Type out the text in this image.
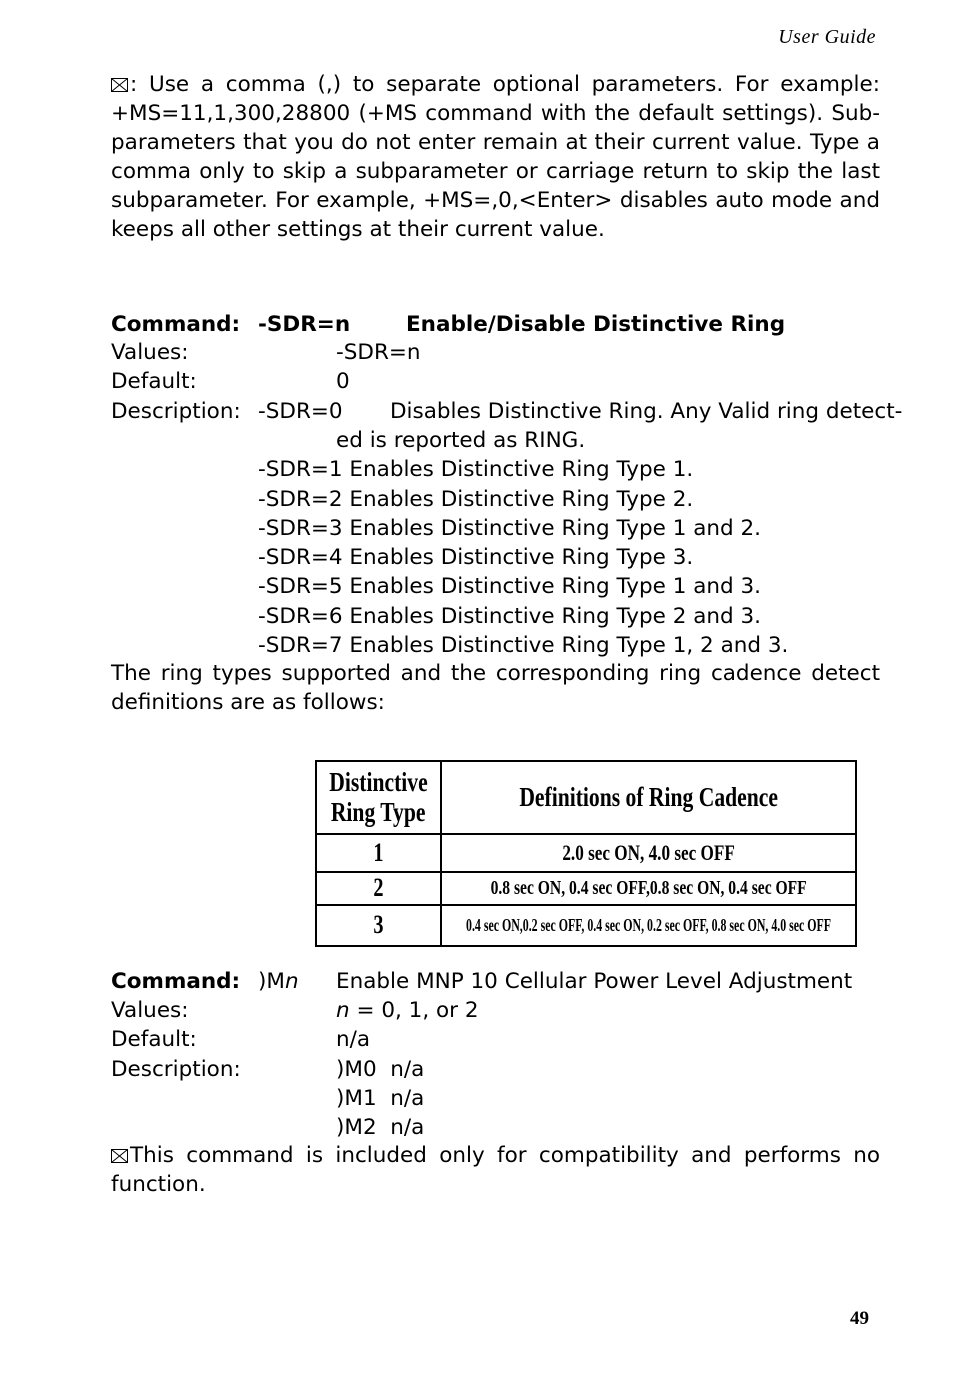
User Guide
: Use a comma (,) to separate optional parameters. For example: +MS=11,1,300,28800 (+MS command with the default settings). Sub-parameters that you do not enter remain at their current value. Type a comma only to skip a subparameter or carriage return to skip the last subparameter. For example, +MS=,0,<Enter> disables auto mode and keeps all other settings at their current value.
Command: -SDR=n	Enable/Disable Distinctive Ring
Values:	-SDR=n
Default:	0
Description: -SDR=0 Disables Distinctive Ring. Any Valid ring detect-
ed is reported as RING.
-SDR=1 Enables Distinctive Ring Type 1.
-SDR=2 Enables Distinctive Ring Type 2.
-SDR=3 Enables Distinctive Ring Type 1 and 2.
-SDR=4 Enables Distinctive Ring Type 3.
-SDR=5 Enables Distinctive Ring Type 1 and 3.
-SDR=6 Enables Distinctive Ring Type 2 and 3.
-SDR=7 Enables Distinctive Ring Type 1, 2 and 3.
The ring types supported and the corresponding ring cadence detect definitions are as follows:
Distinctive
Ring Type	Definitions of Ring Cadence
1	2.0 sec ON, 4.0 sec OFF
2	0.8 sec ON, 0.4 sec OFF,0.8 sec ON, 0.4 sec OFF
3	0.4 sec ON,0.2 sec OFF, 0.4 sec ON, 0.2 sec OFF, 0.8 sec ON, 4.0 sec OFF
Command: )Mn Enable MNP 10 Cellular Power Level Adjustment
Values:	n = 0, 1, or 2
Default:	n/a
Description:	)M0  n/a
)M1  n/a
)M2  n/a
This command is included only for compatibility and performs no function.
49
